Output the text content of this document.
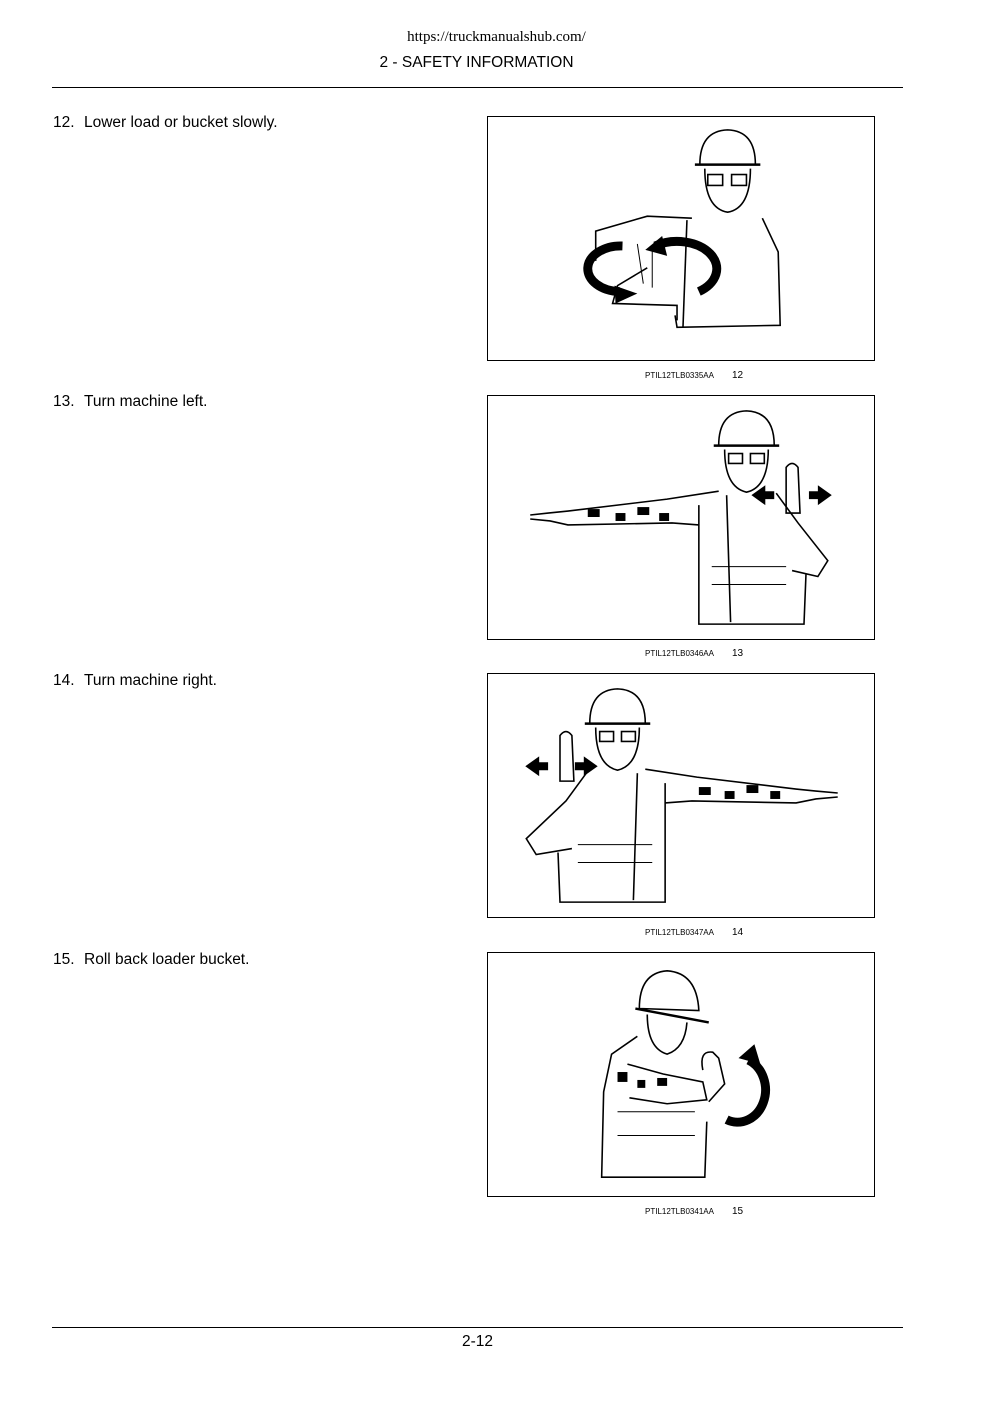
https://truckmanualshub.com/
2 - SAFETY INFORMATION
12. Lower load or bucket slowly.
PTIL12TLB0335AA 12
13. Turn machine left.
PTIL12TLB0346AA 13
14. Turn machine right.
PTIL12TLB0347AA 14
15. Roll back loader bucket.
PTIL12TLB0341AA 15
2-12
